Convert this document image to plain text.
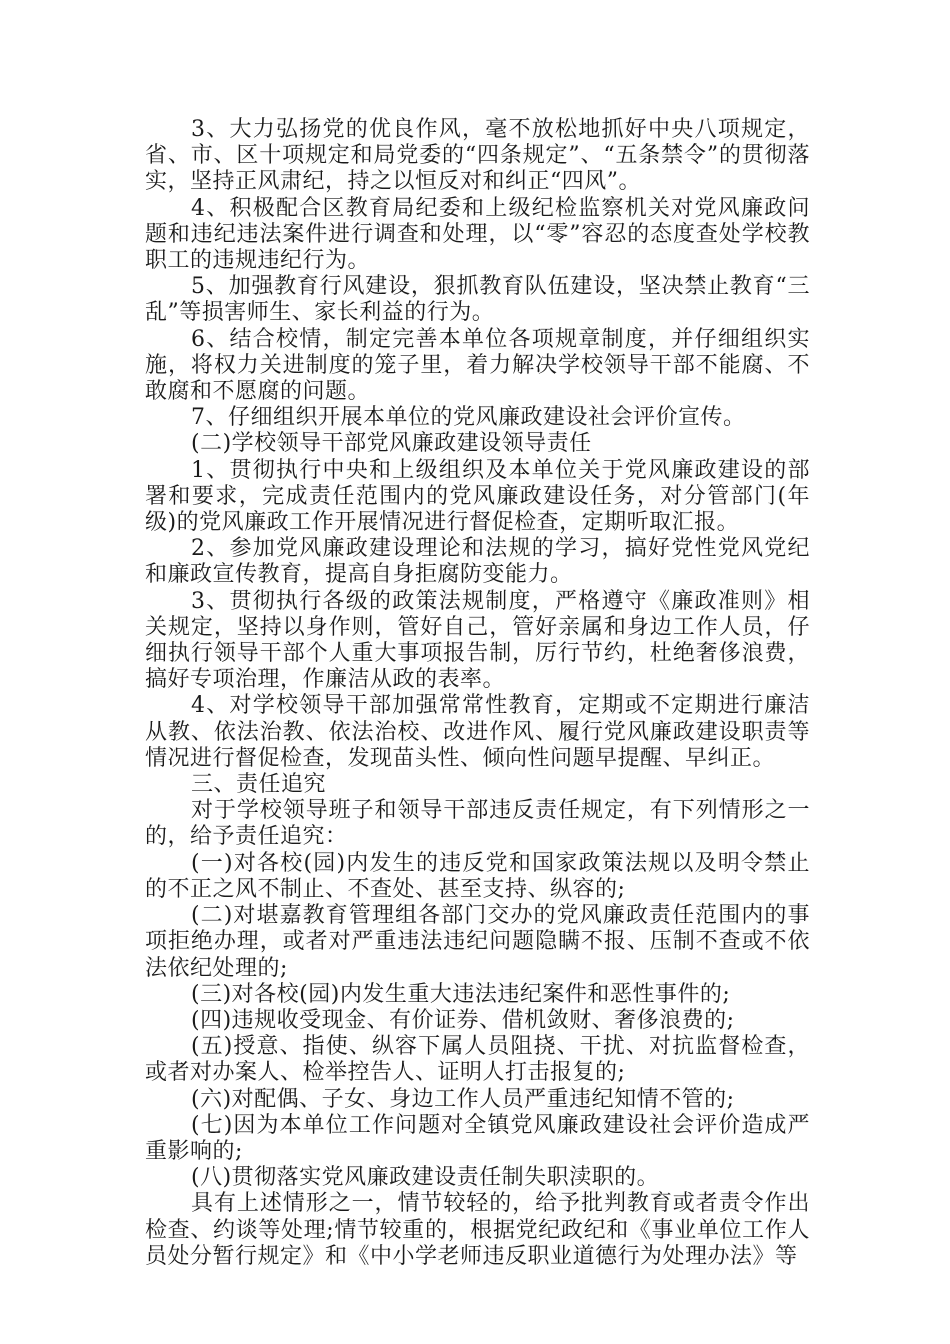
3、大力弘扬党的优良作风，毫不放松地抓好中央八项规定，省、市、区十项规定和局党委的“四条规定”、“五条禁令”的贯彻落实，坚持正风肃纪，持之以恒反对和纠正“四风”。

4、积极配合区教育局纪委和上级纪检监察机关对党风廉政问题和违纪违法案件进行调查和处理，以“零”容忍的态度查处学校教职工的违规违纪行为。

5、加强教育行风建设，狠抓教育队伍建设，坚决禁止教育“三乱”等损害师生、家长利益的行为。

6、结合校情，制定完善本单位各项规章制度，并仔细组织实施，将权力关进制度的笼子里，着力解决学校领导干部不能腐、不敢腐和不愿腐的问题。

7、仔细组织开展本单位的党风廉政建设社会评价宣传。

(二)学校领导干部党风廉政建设领导责任

1、贯彻执行中央和上级组织及本单位关于党风廉政建设的部署和要求，完成责任范围内的党风廉政建设任务，对分管部门(年级)的党风廉政工作开展情况进行督促检查，定期听取汇报。

2、参加党风廉政建设理论和法规的学习，搞好党性党风党纪和廉政宣传教育，提高自身拒腐防变能力。

3、贯彻执行各级的政策法规制度，严格遵守《廉政准则》相关规定，坚持以身作则，管好自己，管好亲属和身边工作人员，仔细执行领导干部个人重大事项报告制，厉行节约，杜绝奢侈浪费，搞好专项治理，作廉洁从政的表率。

4、对学校领导干部加强常常性教育，定期或不定期进行廉洁从教、依法治教、依法治校、改进作风、履行党风廉政建设职责等情况进行督促检查，发现苗头性、倾向性问题早提醒、早纠正。

三、责任追究

对于学校领导班子和领导干部违反责任规定，有下列情形之一的，给予责任追究：

(一)对各校(园)内发生的违反党和国家政策法规以及明令禁止的不正之风不制止、不查处、甚至支持、纵容的;

(二)对堪嘉教育管理组各部门交办的党风廉政责任范围内的事项拒绝办理，或者对严重违法违纪问题隐瞒不报、压制不查或不依法依纪处理的;

(三)对各校(园)内发生重大违法违纪案件和恶性事件的;

(四)违规收受现金、有价证券、借机敛财、奢侈浪费的;

(五)授意、指使、纵容下属人员阻挠、干扰、对抗监督检查，或者对办案人、检举控告人、证明人打击报复的;

(六)对配偶、子女、身边工作人员严重违纪知情不管的;

(七)因为本单位工作问题对全镇党风廉政建设社会评价造成严重影响的;

(八)贯彻落实党风廉政建设责任制失职渎职的。

具有上述情形之一，情节较轻的，给予批判教育或者责令作出检查、约谈等处理;情节较重的，根据党纪政纪和《事业单位工作人员处分暂行规定》和《中小学老师违反职业道德行为处理办法》等
